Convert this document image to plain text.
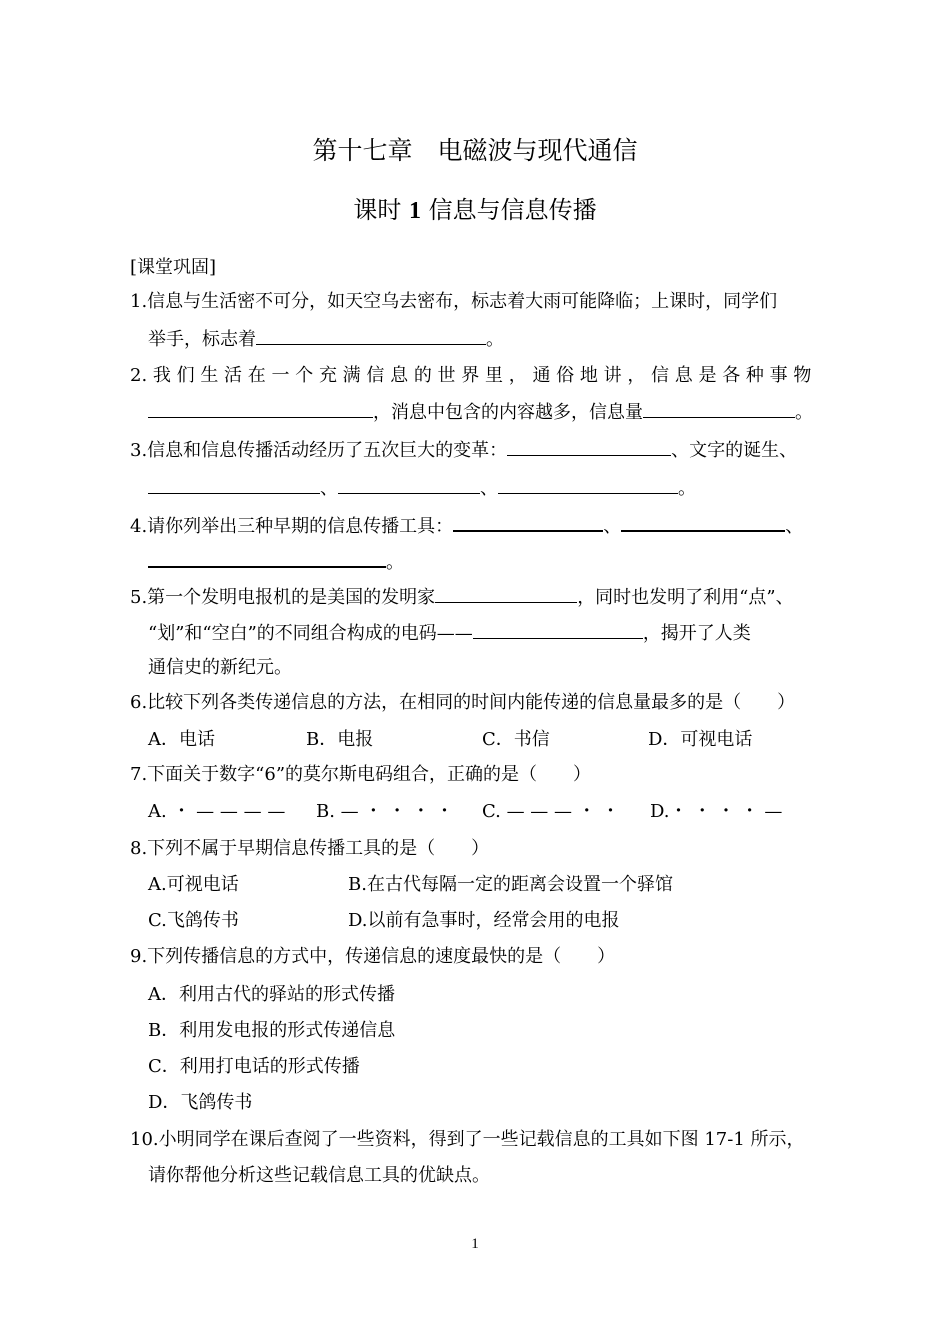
第十七章　电磁波与现代通信
课时 1 信息与信息传播
[课堂巩固]
1.信息与生活密不可分，如天空乌去密布，标志着大雨可能降临；上课时，同学们
举手，标志着	。
2. 我 们 生 活 在 一 个 充 满 信 息 的 世 界 里 ， 通 俗 地 讲 ， 信 息 是 各 种 事 物
，消息中包含的内容越多，信息量	。
3.信息和信息传播活动经历了五次巨大的变革：	、文字的诞生、
、	、	。
4.请你列举出三种早期的信息传播工具：	、	、
。
5.第一个发明电报机的是美国的发明家	，同时也发明了利用“点”、
“划”和“空白”的不同组合构成的电码——	，揭开了人类
通信史的新纪元。
6.比较下列各类传递信息的方法，在相同的时间内能传递的信息量最多的是（　　）
A．电话	B．电报	C．书信	D．可视电话
7.下面关于数字“6”的莫尔斯电码组合，正确的是（　　）
A. ・ — — — — B. — ・ ・ ・ ・ C. — — — ・ ・ D.・ ・ ・ ・ —
8.下列不属于早期信息传播工具的是（　　）
A.可视电话	B.在古代每隔一定的距离会设置一个驿馆
C.飞鸽传书	D.以前有急事时，经常会用的电报
9.下列传播信息的方式中，传递信息的速度最快的是（　　）
A．利用古代的驿站的形式传播
B．利用发电报的形式传递信息
C．利用打电话的形式传播
D．飞鸽传书
10.小明同学在课后查阅了一些资料，得到了一些记载信息的工具如下图 17-1 所示，
请你帮他分析这些记载信息工具的优缺点。
1
